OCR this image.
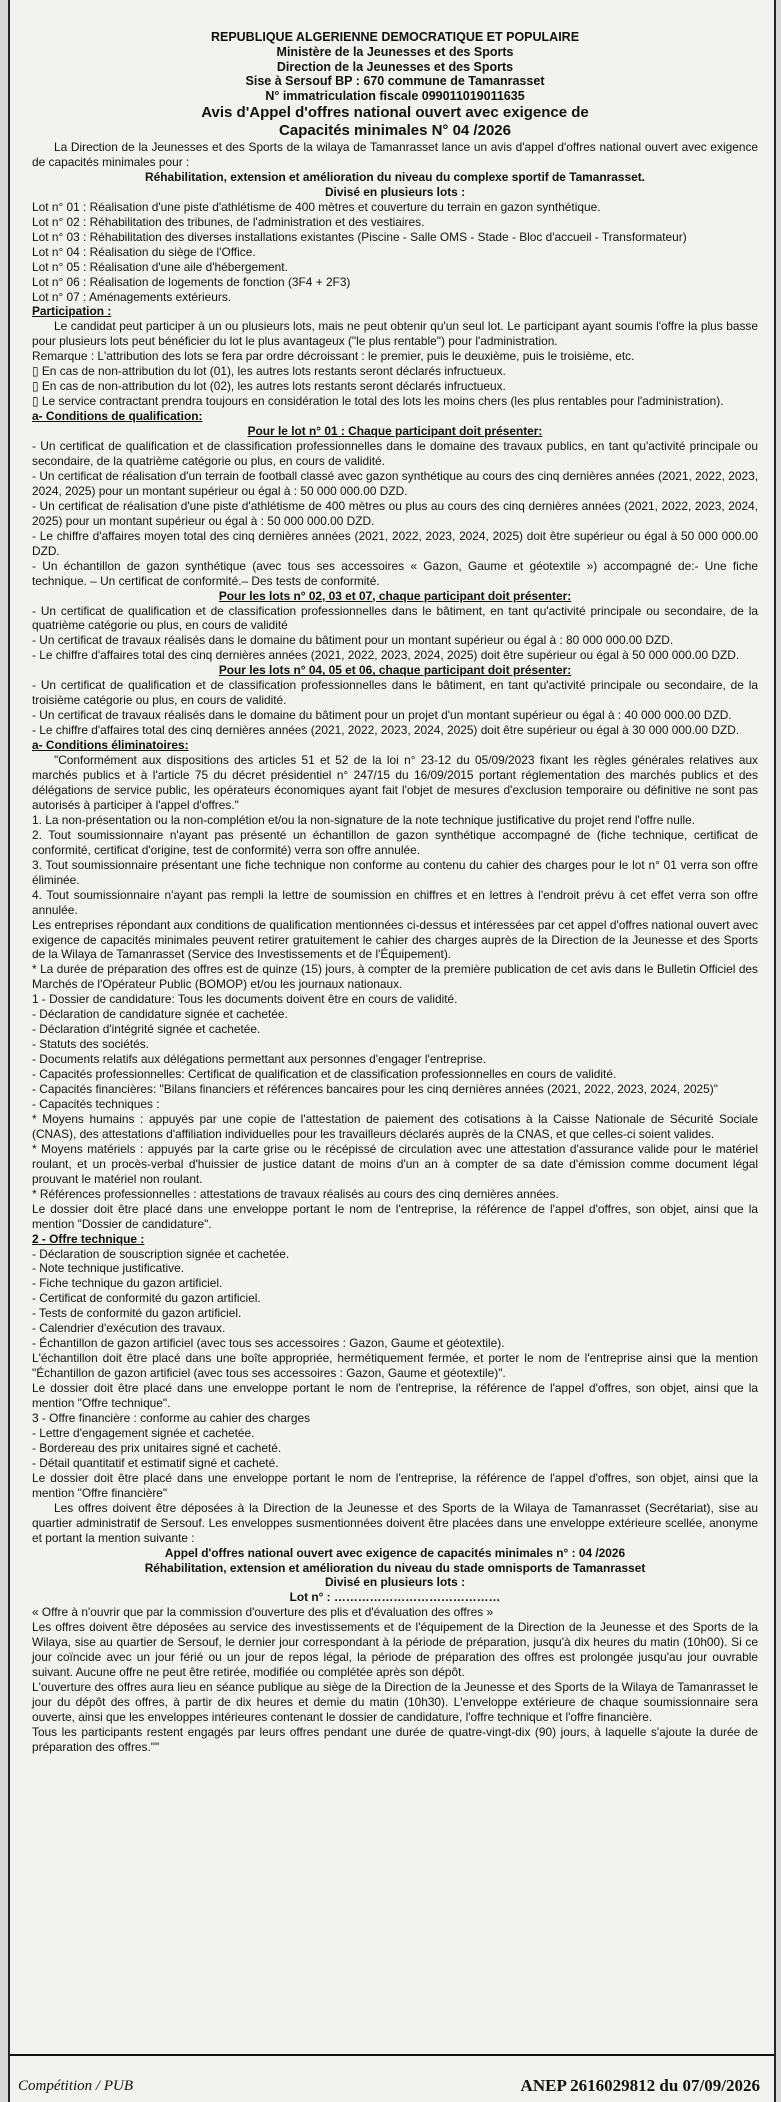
REPUBLIQUE ALGERIENNE DEMOCRATIQUE ET POPULAIRE

Ministère de la Jeunesses et des Sports

Direction de la Jeunesses et des Sports

Sise à Sersouf BP : 670 commune de Tamanrasset

N° immatriculation fiscale 09901101901163​5

Avis d'Appel d'offres national ouvert avec exigence de

Capacités minimales N° 04 /2026

La Direction de la Jeunesses et des Sports de la wilaya de Tamanrasset lance un avis d'appel d'offres national ouvert avec exigence de capacités minimales pour :

Réhabilitation, extension et amélioration du niveau du complexe sportif de Tamanrasset.

Divisé en plusieurs lots :

Lot n° 01 : Réalisation d'une piste d'athlétisme de 400 mètres et couverture du terrain en gazon synthétique.

Lot n° 02 : Réhabilitation des tribunes, de l'administration et des vestiaires.

Lot n° 03 : Réhabilitation des diverses installations existantes (Piscine - Salle OMS - Stade - Bloc d'accueil - Transformateur)

Lot n° 04 : Réalisation du siège de l'Office.

Lot n° 05 : Réalisation d'une aile d'hébergement.

Lot n° 06 : Réalisation de logements de fonction (3F4 + 2F3)

Lot n° 07 : Aménagements extérieurs.

Participation :

Le candidat peut participer à un ou plusieurs lots, mais ne peut obtenir qu'un seul lot. Le participant ayant soumis l'offre la plus basse pour plusieurs lots peut bénéficier du lot le plus avantageux ("le plus rentable") pour l'administration.

Remarque : L'attribution des lots se fera par ordre décroissant : le premier, puis le deuxième, puis le troisième, etc.

▯ En cas de non-attribution du lot (01), les autres lots restants seront déclarés infructueux.

▯ En cas de non-attribution du lot (02), les autres lots restants seront déclarés infructueux.

▯ Le service contractant prendra toujours en considération le total des lots les moins chers (les plus rentables pour l'administration).

a- Conditions de qualification:

Pour le lot n° 01 : Chaque participant doit présenter:

- Un certificat de qualification et de classification professionnelles dans le domaine des travaux publics, en tant qu'activité principale ou secondaire, de la quatrième catégorie ou plus, en cours de validité.

- Un certificat de réalisation d'un terrain de football classé avec gazon synthétique au cours des cinq dernières années (2021, 2022, 2023, 2024, 2025) pour un montant supérieur ou égal à : 50 000 000.00 DZD.

- Un certificat de réalisation d'une piste d'athlétisme de 400 mètres ou plus au cours des cinq dernières années (2021, 2022, 2023, 2024, 2025) pour un montant supérieur ou égal à : 50 000 000.00 DZD.

- Le chiffre d'affaires moyen total des cinq dernières années (2021, 2022, 2023, 2024, 2025) doit être supérieur ou égal à 50 000 000.00 DZD.

- Un échantillon de gazon synthétique (avec tous ses accessoires « Gazon, Gaume et géotextile ») accompagné de:- Une fiche technique. – Un certificat de conformité.– Des tests de conformité.

Pour les lots n° 02, 03 et 07, chaque participant doit présenter:

- Un certificat de qualification et de classification professionnelles dans le bâtiment, en tant qu'activité principale ou secondaire, de la quatrième catégorie ou plus, en cours de validité

- Un certificat de travaux réalisés dans le domaine du bâtiment pour un montant supérieur ou égal à : 80 000 000.00 DZD.

- Le chiffre d'affaires total des cinq dernières années (2021, 2022, 2023, 2024, 2025) doit être supérieur ou égal à 50 000 000.00 DZD.

Pour les lots n° 04, 05 et 06, chaque participant doit présenter:

- Un certificat de qualification et de classification professionnelles dans le bâtiment, en tant qu'activité principale ou secondaire, de la troisième catégorie ou plus, en cours de validité.

- Un certificat de travaux réalisés dans le domaine du bâtiment pour un projet d'un montant supérieur ou égal à : 40 000 000.00 DZD.

- Le chiffre d'affaires total des cinq dernières années (2021, 2022, 2023, 2024, 2025) doit être supérieur ou égal à 30 000 000.00 DZD.

a- Conditions éliminatoires:

"Conformément aux dispositions des articles 51 et 52 de la loi n° 23-12 du 05/09/2023 fixant les règles générales relatives aux marchés publics et à l'article 75 du décret présidentiel n° 247/15 du 16/09/2015 portant réglementation des marchés publics et des délégations de service public, les opérateurs économiques ayant fait l'objet de mesures d'exclusion temporaire ou définitive ne sont pas autorisés à participer à l'appel d'offres."

1. La non-présentation ou la non-complétion et/ou la non-signature de la note technique justificative du projet rend l'offre nulle.

2. Tout soumissionnaire n'ayant pas présenté un échantillon de gazon synthétique accompagné de (fiche technique, certificat de conformité, certificat d'origine, test de conformité) verra son offre annulée.

3. Tout soumissionnaire présentant une fiche technique non conforme au contenu du cahier des charges pour le lot n° 01 verra son offre éliminée.

4. Tout soumissionnaire n'ayant pas rempli la lettre de soumission en chiffres et en lettres à l'endroit prévu à cet effet verra son offre annulée.

Les entreprises répondant aux conditions de qualification mentionnées ci-dessus et intéressées par cet appel d'offres national ouvert avec exigence de capacités minimales peuvent retirer gratuitement le cahier des charges auprès de la Direction de la Jeunesse et des Sports de la Wilaya de Tamanrasset (Service des Investissements et de l'Équipement).

* La durée de préparation des offres est de quinze (15) jours, à compter de la première publication de cet avis dans le Bulletin Officiel des Marchés de l'Opérateur Public (BOMOP) et/ou les journaux nationaux.

1 - Dossier de candidature: Tous les documents doivent être en cours de validité.

- Déclaration de candidature signée et cachetée.

- Déclaration d'intégrité signée et cachetée.

- Statuts des sociétés.

- Documents relatifs aux délégations permettant aux personnes d'engager l'entreprise.

- Capacités professionnelles: Certificat de qualification et de classification professionnelles en cours de validité.

- Capacités financières: "Bilans financiers et références bancaires pour les cinq dernières années (2021, 2022, 2023, 2024, 2025)"

- Capacités techniques :

* Moyens humains : appuyés par une copie de l'attestation de paiement des cotisations à la Caisse Nationale de Sécurité Sociale (CNAS), des attestations d'affiliation individuelles pour les travailleurs déclarés auprès de la CNAS, et que celles-ci soient valides.

* Moyens matériels : appuyés par la carte grise ou le récépissé de circulation avec une attestation d'assurance valide pour le matériel roulant, et un procès-verbal d'huissier de justice datant de moins d'un an à compter de sa date d'émission comme document légal prouvant le matériel non roulant.

* Références professionnelles : attestations de travaux réalisés au cours des cinq dernières années.

Le dossier doit être placé dans une enveloppe portant le nom de l'entreprise, la référence de l'appel d'offres, son objet, ainsi que la mention "Dossier de candidature".

2 - Offre technique :

- Déclaration de souscription signée et cachetée.

- Note technique justificative.

- Fiche technique du gazon artificiel.

- Certificat de conformité du gazon artificiel.

- Tests de conformité du gazon artificiel.

- Calendrier d'exécution des travaux.

- Échantillon de gazon artificiel (avec tous ses accessoires : Gazon, Gaume et géotextile).

L'échantillon doit être placé dans une boîte appropriée, hermétiquement fermée, et porter le nom de l'entreprise ainsi que la mention "Échantillon de gazon artificiel (avec tous ses accessoires : Gazon, Gaume et géotextile)".

Le dossier doit être placé dans une enveloppe portant le nom de l'entreprise, la référence de l'appel d'offres, son objet, ainsi que la mention "Offre technique".

3 - Offre financière : conforme au cahier des charges

- Lettre d'engagement signée et cachetée.

- Bordereau des prix unitaires signé et cacheté.

- Détail quantitatif et estimatif signé et cacheté.

Le dossier doit être placé dans une enveloppe portant le nom de l'entreprise, la référence de l'appel d'offres, son objet, ainsi que la mention "Offre financière"

Les offres doivent être déposées à la Direction de la Jeunesse et des Sports de la Wilaya de Tamanrasset (Secrétariat), sise au quartier administratif de Sersouf. Les enveloppes susmentionnées doivent être placées dans une enveloppe extérieure scellée, anonyme et portant la mention suivante :

Appel d'offres national ouvert avec exigence de capacités minimales n° : 04 /2026

Réhabilitation, extension et amélioration du niveau du stade omnisports de Tamanrasset

Divisé en plusieurs lots :

Lot n° : ……………………………………

« Offre à n'ouvrir que par la commission d'ouverture des plis et d'évaluation des offres »

Les offres doivent être déposées au service des investissements et de l'équipement de la Direction de la Jeunesse et des Sports de la Wilaya, sise au quartier de Sersouf, le dernier jour correspondant à la période de préparation, jusqu'à dix heures du matin (10h00). Si ce jour coïncide avec un jour férié ou un jour de repos légal, la période de préparation des offres est prolongée jusqu'au jour ouvrable suivant. Aucune offre ne peut être retirée, modifiée ou complétée après son dépôt.

L'ouverture des offres aura lieu en séance publique au siège de la Direction de la Jeunesse et des Sports de la Wilaya de Tamanrasset le jour du dépôt des offres, à partir de dix heures et demie du matin (10h30). L'enveloppe extérieure de chaque soumissionnaire sera ouverte, ainsi que les enveloppes intérieures contenant le dossier de candidature, l'offre technique et l'offre financière.

Tous les participants restent engagés par leurs offres pendant une durée de quatre-vingt-dix (90) jours, à laquelle s'ajoute la durée de préparation des offres.""

Compétition / PUB	ANEP 2616029812 du 07/09/2026
